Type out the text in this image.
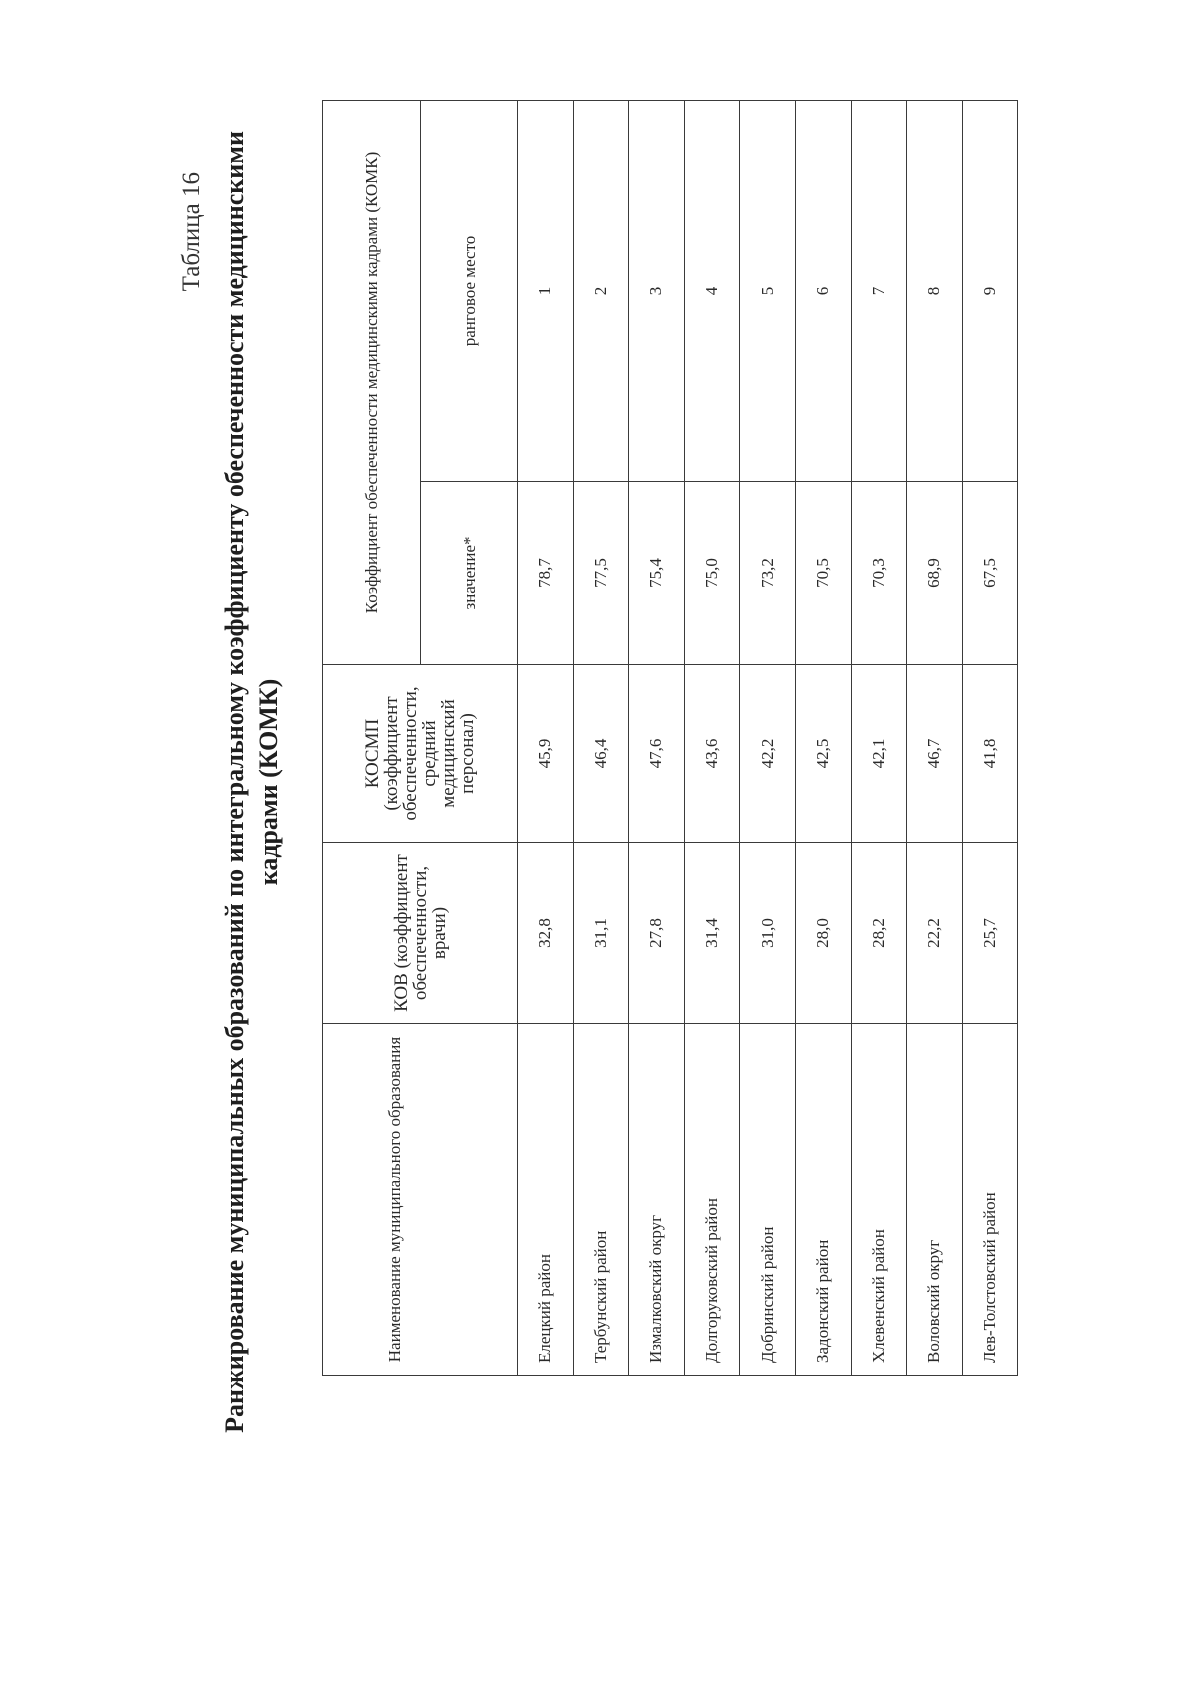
Таблица 16 Ранжирование муниципальных образований по интегральному коэффициенту обеспеченности медицинскими кадрами (КОМК)
Наименование муниципального образования	КОВ (коэффициент обеспеченности, врачи)	КОСМП (коэффициент обеспеченности, средний медицинский персонал)	Коэффициент обеспеченности медицинскими кадрами (КОМК)	
			значение*	ранговое место
Елецкий район	32,8	45,9	78,7	1
Тербунский район	31,1	46,4	77,5	2
Измалковский округ	27,8	47,6	75,4	3
Долгоруковский район	31,4	43,6	75,0	4
Добринский район	31,0	42,2	73,2	5
Задонский район	28,0	42,5	70,5	6
Хлевенский район	28,2	42,1	70,3	7
Воловский округ	22,2	46,7	68,9	8
Лев-Толстовский район	25,7	41,8	67,5	9
